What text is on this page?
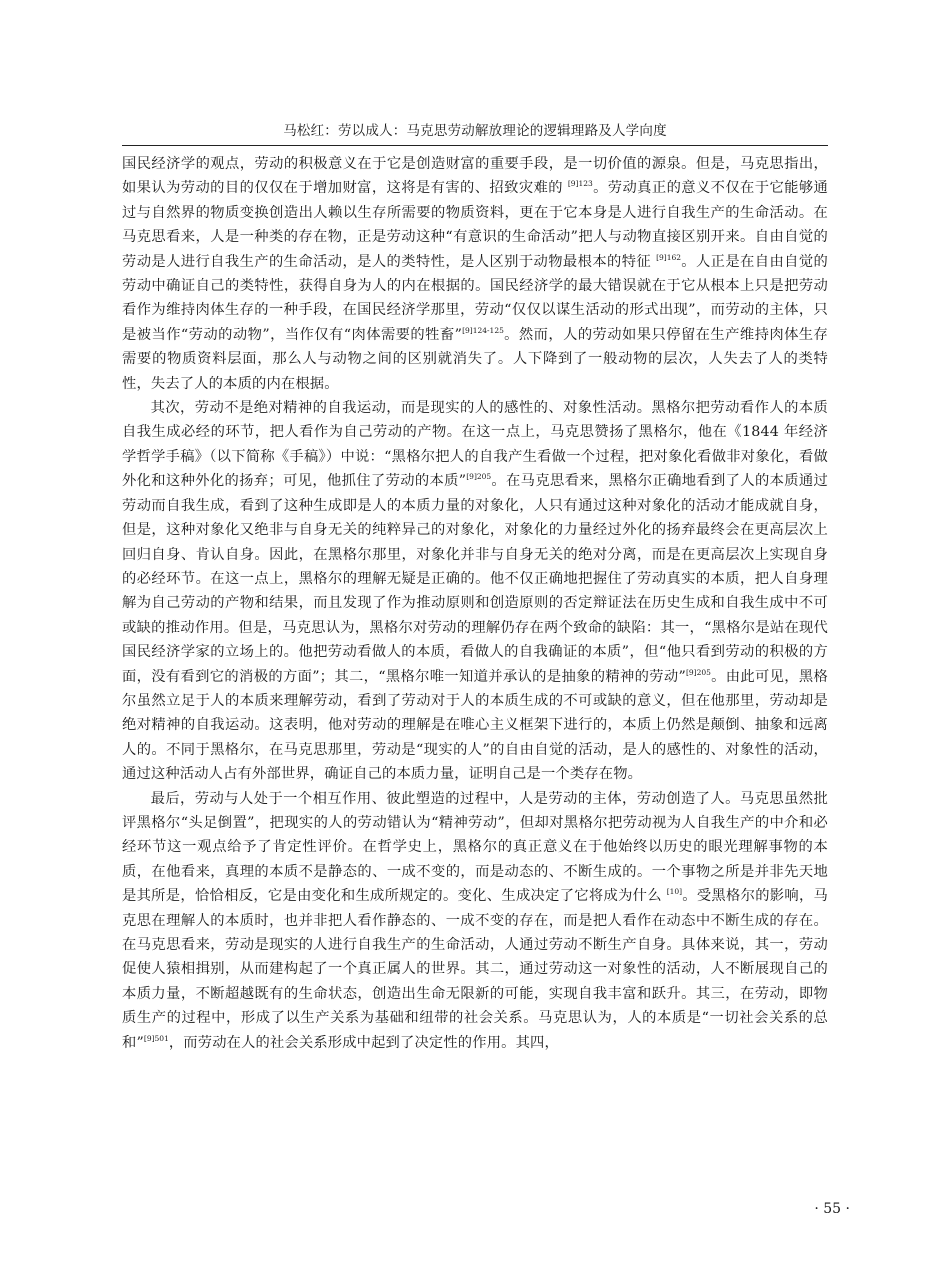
马松红：劳以成人：马克思劳动解放理论的逻辑理路及人学向度

国民经济学的观点，劳动的积极意义在于它是创造财富的重要手段，是一切价值的源泉。但是，马克思指出，如果认为劳动的目的仅仅在于增加财富，这将是有害的、招致灾难的 $^{[9]123}$。劳动真正的意义不仅在于它能够通过与自然界的物质变换创造出人赖以生存所需要的物质资料，更在于它本身是人进行自我生产的生命活动。在马克思看来，人是一种类的存在物，正是劳动这种“有意识的生命活动”把人与动物直接区别开来。自由自觉的劳动是人进行自我生产的生命活动，是人的类特性，是人区别于动物最根本的特征 $^{[9]162}$。人正是在自由自觉的劳动中确证自己的类特性，获得自身为人的内在根据的。国民经济学的最大错误就在于它从根本上只是把劳动看作为维持肉体生存的一种手段，在国民经济学那里，劳动“仅仅以谋生活动的形式出现”，而劳动的主体，只是被当作“劳动的动物”，当作仅有“肉体需要的牲畜”$^{[9]124-125}$。然而，人的劳动如果只停留在生产维持肉体生存需要的物质资料层面，那么人与动物之间的区别就消失了。人下降到了一般动物的层次，人失去了人的类特性，失去了人的本质的内在根据。

其次，劳动不是绝对精神的自我运动，而是现实的人的感性的、对象性活动。黑格尔把劳动看作人的本质自我生成必经的环节，把人看作为自己劳动的产物。在这一点上，马克思赞扬了黑格尔，他在《1844 年经济学哲学手稿》（以下简称《手稿》）中说：“黑格尔把人的自我产生看做一个过程，把对象化看做非对象化，看做外化和这种外化的扬弃；可见，他抓住了劳动的本质”$^{[9]205}$。在马克思看来，黑格尔正确地看到了人的本质通过劳动而自我生成，看到了这种生成即是人的本质力量的对象化，人只有通过这种对象化的活动才能成就自身，但是，这种对象化又绝非与自身无关的纯粹异己的对象化，对象化的力量经过外化的扬弃最终会在更高层次上回归自身、肯认自身。因此，在黑格尔那里，对象化并非与自身无关的绝对分离，而是在更高层次上实现自身的必经环节。在这一点上，黑格尔的理解无疑是正确的。他不仅正确地把握住了劳动真实的本质，把人自身理解为自己劳动的产物和结果，而且发现了作为推动原则和创造原则的否定辩证法在历史生成和自我生成中不可或缺的推动作用。但是，马克思认为，黑格尔对劳动的理解仍存在两个致命的缺陷：其一，“黑格尔是站在现代国民经济学家的立场上的。他把劳动看做人的本质，看做人的自我确证的本质”，但“他只看到劳动的积极的方面，没有看到它的消极的方面”；其二，“黑格尔唯一知道并承认的是抽象的精神的劳动”$^{[9]205}$。由此可见，黑格尔虽然立足于人的本质来理解劳动，看到了劳动对于人的本质生成的不可或缺的意义，但在他那里，劳动却是绝对精神的自我运动。这表明，他对劳动的理解是在唯心主义框架下进行的，本质上仍然是颠倒、抽象和远离人的。不同于黑格尔，在马克思那里，劳动是“现实的人”的自由自觉的活动，是人的感性的、对象性的活动，通过这种活动人占有外部世界，确证自己的本质力量，证明自己是一个类存在物。

最后，劳动与人处于一个相互作用、彼此塑造的过程中，人是劳动的主体，劳动创造了人。马克思虽然批评黑格尔“头足倒置”，把现实的人的劳动错认为“精神劳动”，但却对黑格尔把劳动视为人自我生产的中介和必经环节这一观点给予了肯定性评价。在哲学史上，黑格尔的真正意义在于他始终以历史的眼光理解事物的本质，在他看来，真理的本质不是静态的、一成不变的，而是动态的、不断生成的。一个事物之所是并非先天地是其所是，恰恰相反，它是由变化和生成所规定的。变化、生成决定了它将成为什么 [10]。受黑格尔的影响，马克思在理解人的本质时，也并非把人看作静态的、一成不变的存在，而是把人看作在动态中不断生成的存在。在马克思看来，劳动是现实的人进行自我生产的生命活动，人通过劳动不断生产自身。具体来说，其一，劳动促使人猿相揖别，从而建构起了一个真正属人的世界。其二，通过劳动这一对象性的活动，人不断展现自己的本质力量，不断超越既有的生命状态，创造出生命无限新的可能，实现自我丰富和跃升。其三，在劳动，即物质生产的过程中，形成了以生产关系为基础和纽带的社会关系。马克思认为，人的本质是“一切社会关系的总和”$^{[9]501}$，而劳动在人的社会关系形成中起到了决定性的作用。其四，

· 55 ·
